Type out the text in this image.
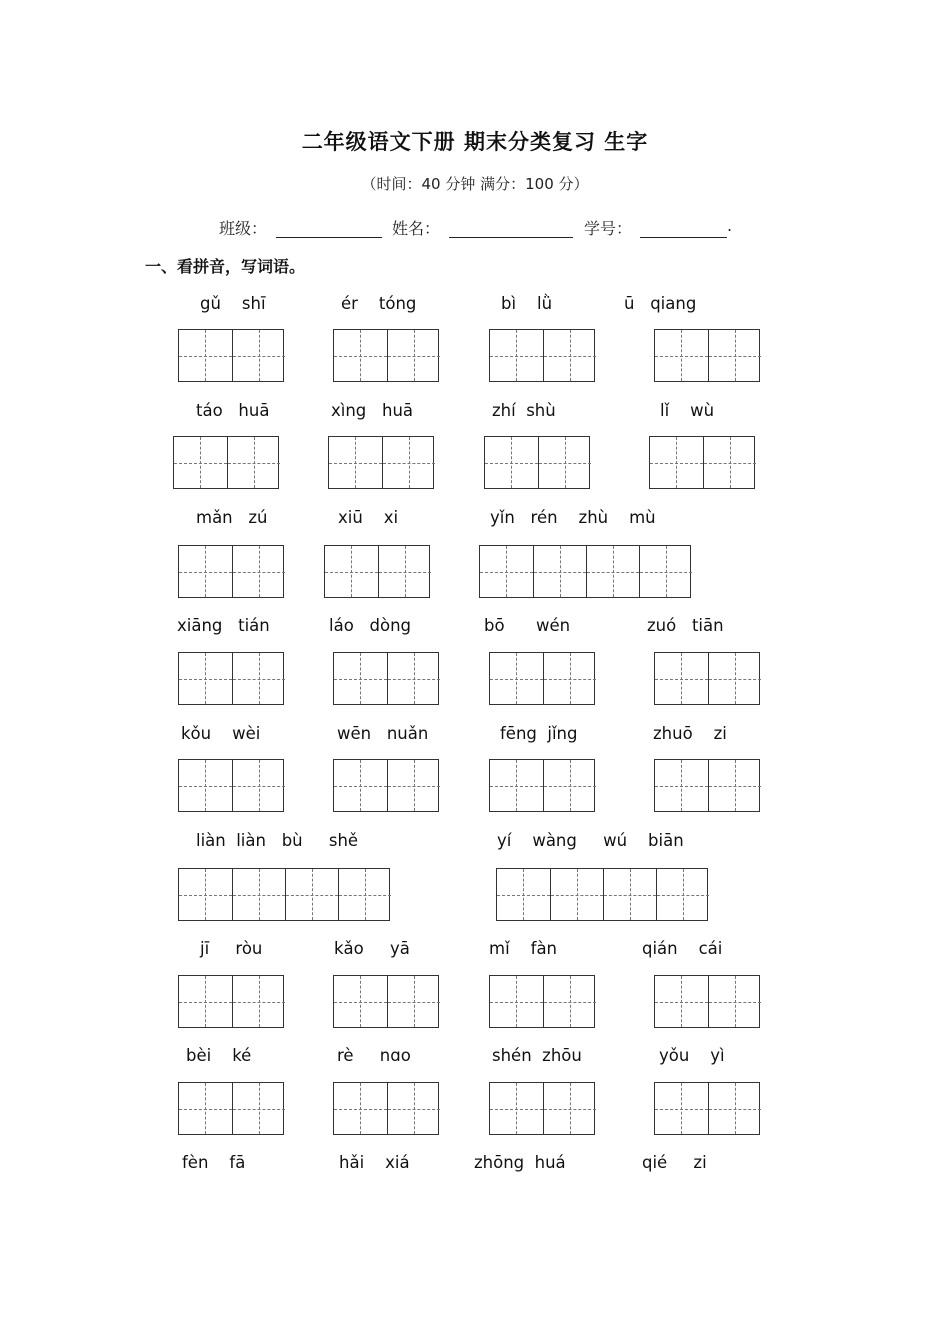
二年级语文下册 期末分类复习 生字
（时间：40 分钟 满分：100 分）
班级：	姓名：	学号：	.
一、看拼音，写词语。
gǔ    shī	ér    tóng	bì    lǜ	ū   qiang
táo   huā	xìng   huā	zhí  shù	lǐ    wù
mǎn   zú	xiū    xi	yǐn   rén    zhù    mù
xiāng   tián	láo   dòng	bō      wén	zuó   tiān
kǒu    wèi	wēn   nuǎn	fēng  jǐng	zhuō    zi
liàn  liàn   bù     shě	yí    wàng     wú    biān
jī     ròu	kǎo     yā	mǐ    fàn	qián    cái
bèi    ké	rè     nɑo	shén  zhōu	yǒu    yì
fèn    fā	hǎi    xiá	zhōng  huá	qié     zi
